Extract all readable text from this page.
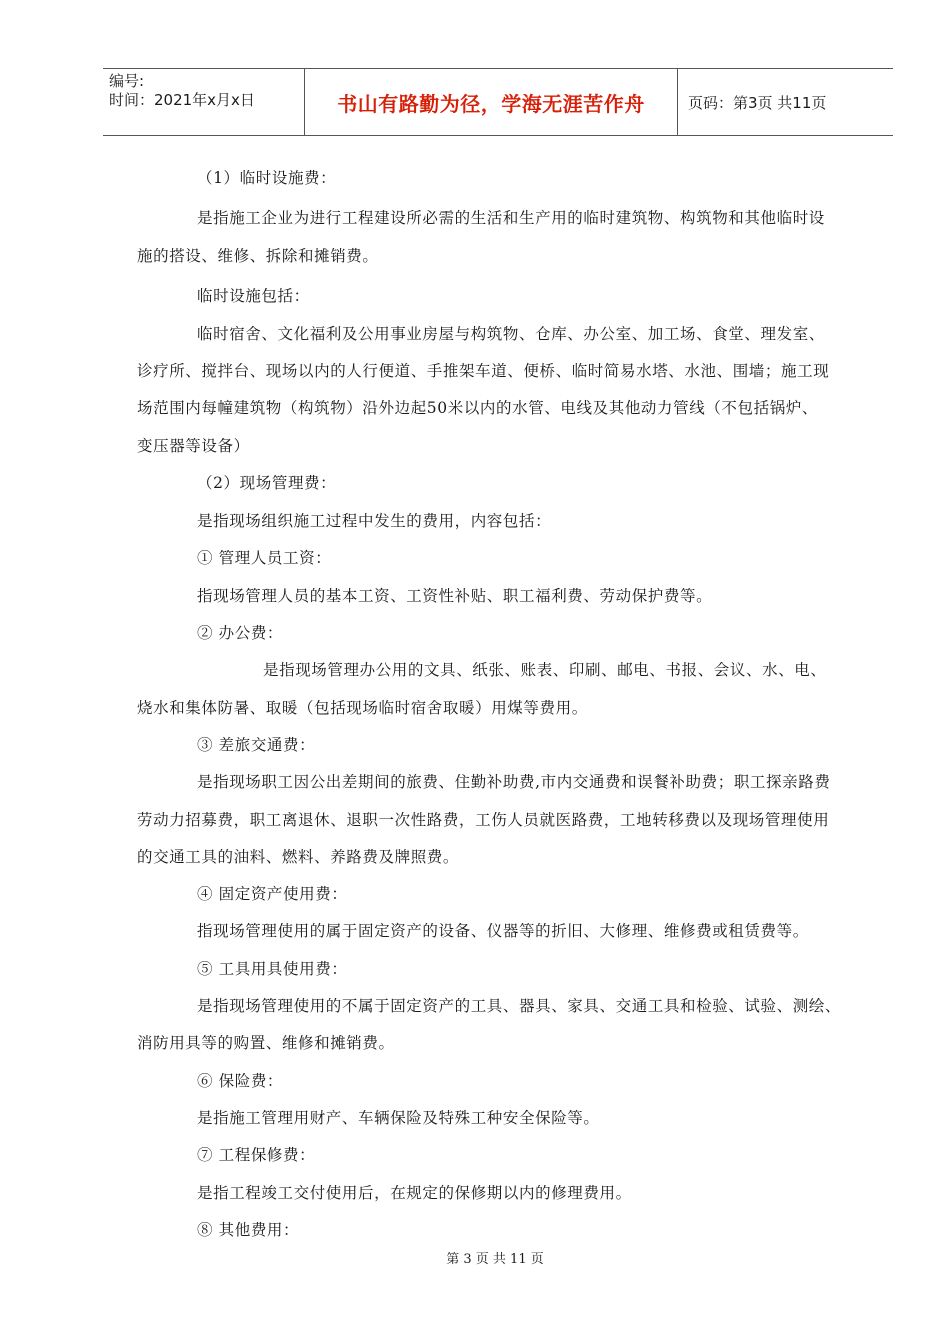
编号:
时间：2021年x月x日	书山有路勤为径，学海无涯苦作舟	页码：第3页 共11页
（1）临时设施费：
是指施工企业为进行工程建设所必需的生活和生产用的临时建筑物、构筑物和其他临时设
施的搭设、维修、拆除和摊销费。
临时设施包括：
临时宿舍、文化福利及公用事业房屋与构筑物、仓库、办公室、加工场、食堂、理发室、
诊疗所、搅拌台、现场以内的人行便道、手推架车道、便桥、临时简易水塔、水池、围墙；施工现
场范围内每幢建筑物（构筑物）沿外边起50米以内的水管、电线及其他动力管线（不包括锅炉、
变压器等设备）
（2）现场管理费：
是指现场组织施工过程中发生的费用，内容包括：
① 管理人员工资：
指现场管理人员的基本工资、工资性补贴、职工福利费、劳动保护费等。
② 办公费：
是指现场管理办公用的文具、纸张、账表、印刷、邮电、书报、会议、水、电、
烧水和集体防暑、取暖（包括现场临时宿舍取暖）用煤等费用。
③ 差旅交通费：
是指现场职工因公出差期间的旅费、住勤补助费,市内交通费和误餐补助费；职工探亲路费
劳动力招募费，职工离退休、退职一次性路费，工伤人员就医路费，工地转移费以及现场管理使用
的交通工具的油料、燃料、养路费及牌照费。
④ 固定资产使用费：
指现场管理使用的属于固定资产的设备、仪器等的折旧、大修理、维修费或租赁费等。
⑤ 工具用具使用费：
是指现场管理使用的不属于固定资产的工具、器具、家具、交通工具和检验、试验、测绘、
消防用具等的购置、维修和摊销费。
⑥ 保险费：
是指施工管理用财产、车辆保险及特殊工种安全保险等。
⑦ 工程保修费：
是指工程竣工交付使用后，在规定的保修期以内的修理费用。
⑧ 其他费用：
第 3 页 共 11 页
